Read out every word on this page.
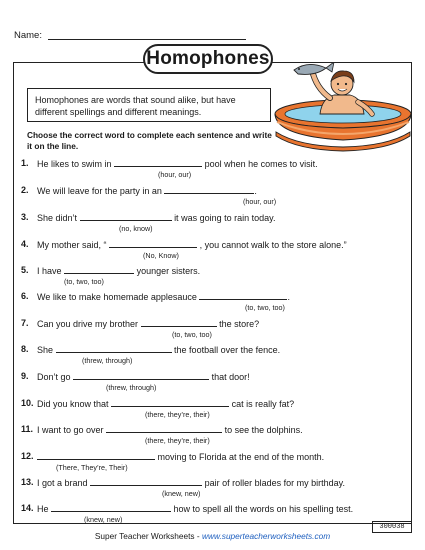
Name:
Homophones
Homophones are words that sound alike, but have different spellings and different meanings.
Choose the correct word to complete each sentence and write it on the line.
1. He likes to swim in	pool when he comes to visit.
(hour, our)
2. We will leave for the party in an	.
(hour, our)
3. She didn’t	it was going to rain today.
(no, know)
4. My mother said, “	, you cannot walk to the store alone.”
(No, Know)
5. I have	younger sisters.
(to, two, too)
6. We like to make homemade applesauce	.
(to, two, too)
7. Can you drive my brother	the store?
(to, two, too)
8. She	the football over the fence.
(threw, through)
9. Don’t go	that door!
(threw, through)
10. Did you know that	cat is really fat?
(there, they’re, their)
11. I want to go over	to see the dolphins.
(there, they’re, their)
12.	moving to Florida at the end of the month.
(There, They’re, Their)
13. I got a brand	pair of roller blades for my birthday.
(knew, new)
14. He	how to spell all the words on his spelling test.
(knew, new)
300038
Super Teacher Worksheets - www.superteacherworksheets.com
